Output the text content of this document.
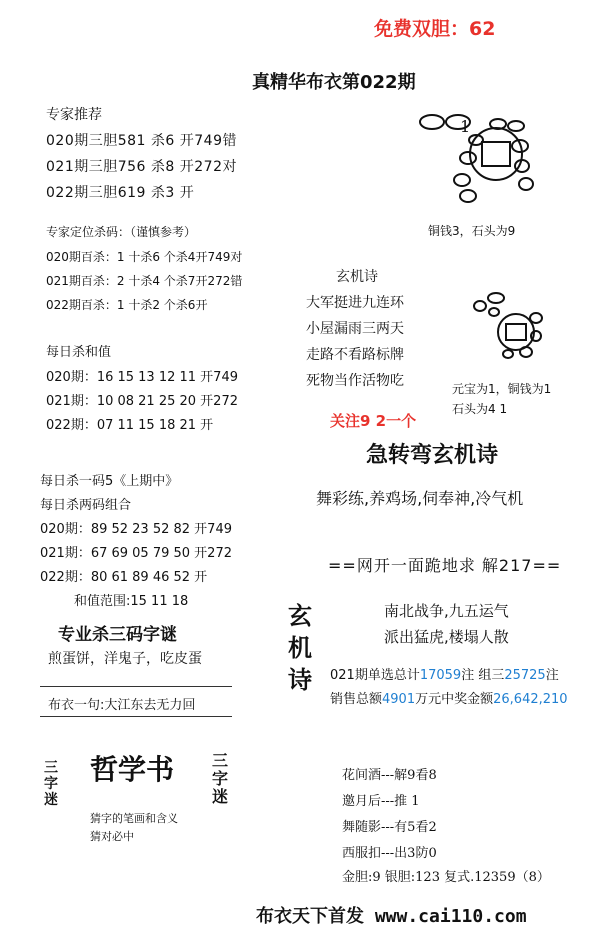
免费双胆：62
真精华布衣第022期
专家推荐
020期三胆581 杀6 开749错
021期三胆756 杀8 开272对
022期三胆619 杀3 开
专家定位杀码：（谨慎参考）
020期百杀：1 十杀6 个杀4开749对
021期百杀：2 十杀4 个杀7开272错
022期百杀：1 十杀2 个杀6开
每日杀和值
020期：16 15 13 12 11 开749
021期：10 08 21 25 20 开272
022期：07 11 15 18 21 开
每日杀一码5《上期中》
每日杀两码组合
020期：89 52 23 52 82 开749
021期：67 69 05 79 50 开272
022期：80 61 89 46 52 开
和值范围:15 11 18
专业杀三码字谜
煎蛋饼，洋鬼子，吃皮蛋
布衣一句:大江东去无力回
三字迷
哲学书 三字迷
猜字的笔画和含义
猜对必中
1
铜钱3，石头为9
玄机诗
大军挺进九连环
小屋漏雨三两天
走路不看路标牌
死物当作活物吃	元宝为1，铜钱为1
石头为4 1
关注9 2一个
急转弯玄机诗
舞彩练,养鸡场,伺奉神,冷气机
==网开一面跪地求 解217==
玄
机
诗
南北战争,九五运气
派出猛虎,楼塌人散
021期单选总计17059注 组三25725注
销售总额4901万元中奖金额26,642,210
花间酒---解9看8
邀月后---推 1
舞随影---有5看2
西服扣---出3防0
金胆:9 银胆:123 复式.12359（8）
布衣天下首发 www.cai110.com
